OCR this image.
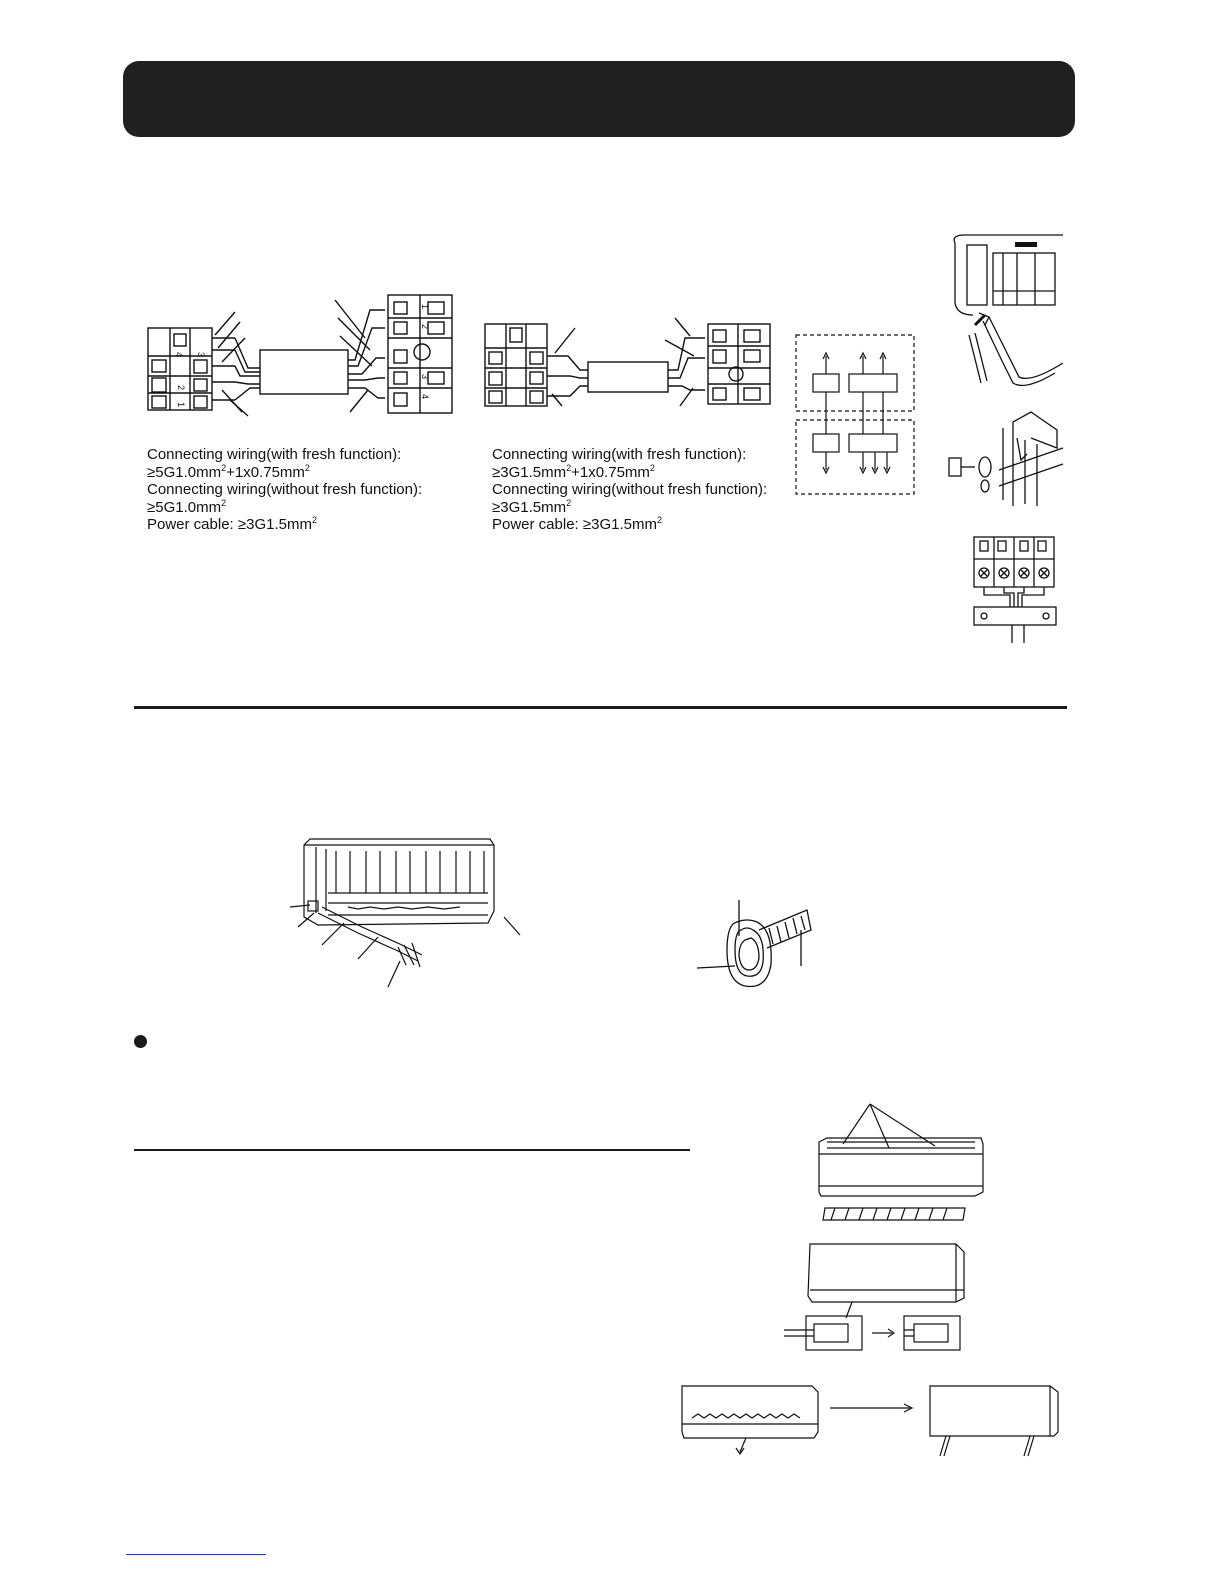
4 3
2
1
1
2
3
4
Connecting wiring(with fresh function):
$\ge 5G1.0mm^2+1x0.75mm^2$
Connecting wiring(without fresh function):
$\ge 5G1.0mm^2$
Power cable: $\ge 3G1.5mm^2$
Connecting wiring(with fresh function):
$\ge 3G1.5mm^2+1x0.75mm^2$
Connecting wiring(without fresh function):
$\ge 3G1.5mm^2$
Power cable: $\ge 3G1.5mm^2$
